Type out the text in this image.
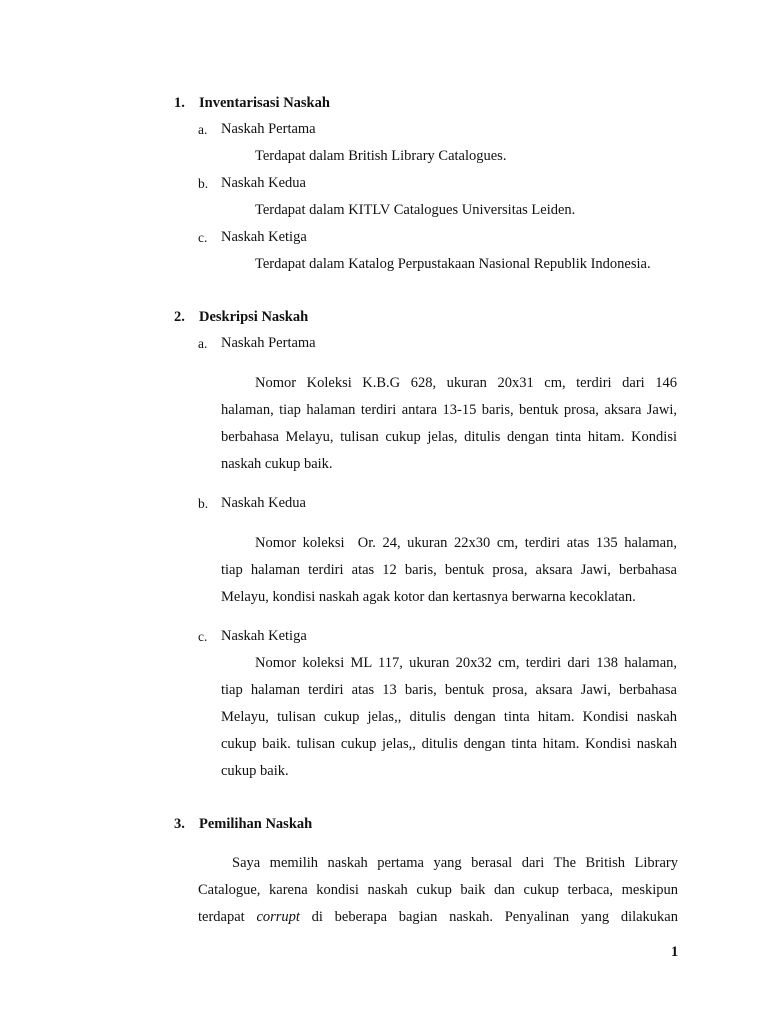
1. Inventarisasi Naskah
a. Naskah Pertama
Terdapat dalam British Library Catalogues.
b. Naskah Kedua
Terdapat dalam KITLV Catalogues Universitas Leiden.
c. Naskah Ketiga
Terdapat dalam Katalog Perpustakaan Nasional Republik Indonesia.
2. Deskripsi Naskah
a. Naskah Pertama
Nomor Koleksi K.B.G 628, ukuran 20x31 cm, terdiri dari 146
halaman, tiap halaman terdiri antara 13-15 baris, bentuk prosa, aksara Jawi,
berbahasa Melayu, tulisan cukup jelas, ditulis dengan tinta hitam. Kondisi
naskah cukup baik.
b. Naskah Kedua
Nomor koleksi  Or. 24, ukuran 22x30 cm, terdiri atas 135 halaman,
tiap halaman terdiri atas 12 baris, bentuk prosa, aksara Jawi, berbahasa
Melayu, kondisi naskah agak kotor dan kertasnya berwarna kecoklatan.
c. Naskah Ketiga
Nomor koleksi ML 117, ukuran 20x32 cm, terdiri dari 138 halaman,
tiap halaman terdiri atas 13 baris, bentuk prosa, aksara Jawi, berbahasa
Melayu, tulisan cukup jelas,, ditulis dengan tinta hitam. Kondisi naskah
cukup baik. tulisan cukup jelas,, ditulis dengan tinta hitam. Kondisi naskah
cukup baik.
3. Pemilihan Naskah
Saya memilih naskah pertama yang berasal dari The British Library
Catalogue, karena kondisi naskah cukup baik dan cukup terbaca, meskipun
terdapat corrupt di beberapa bagian naskah. Penyalinan yang dilakukan
1
